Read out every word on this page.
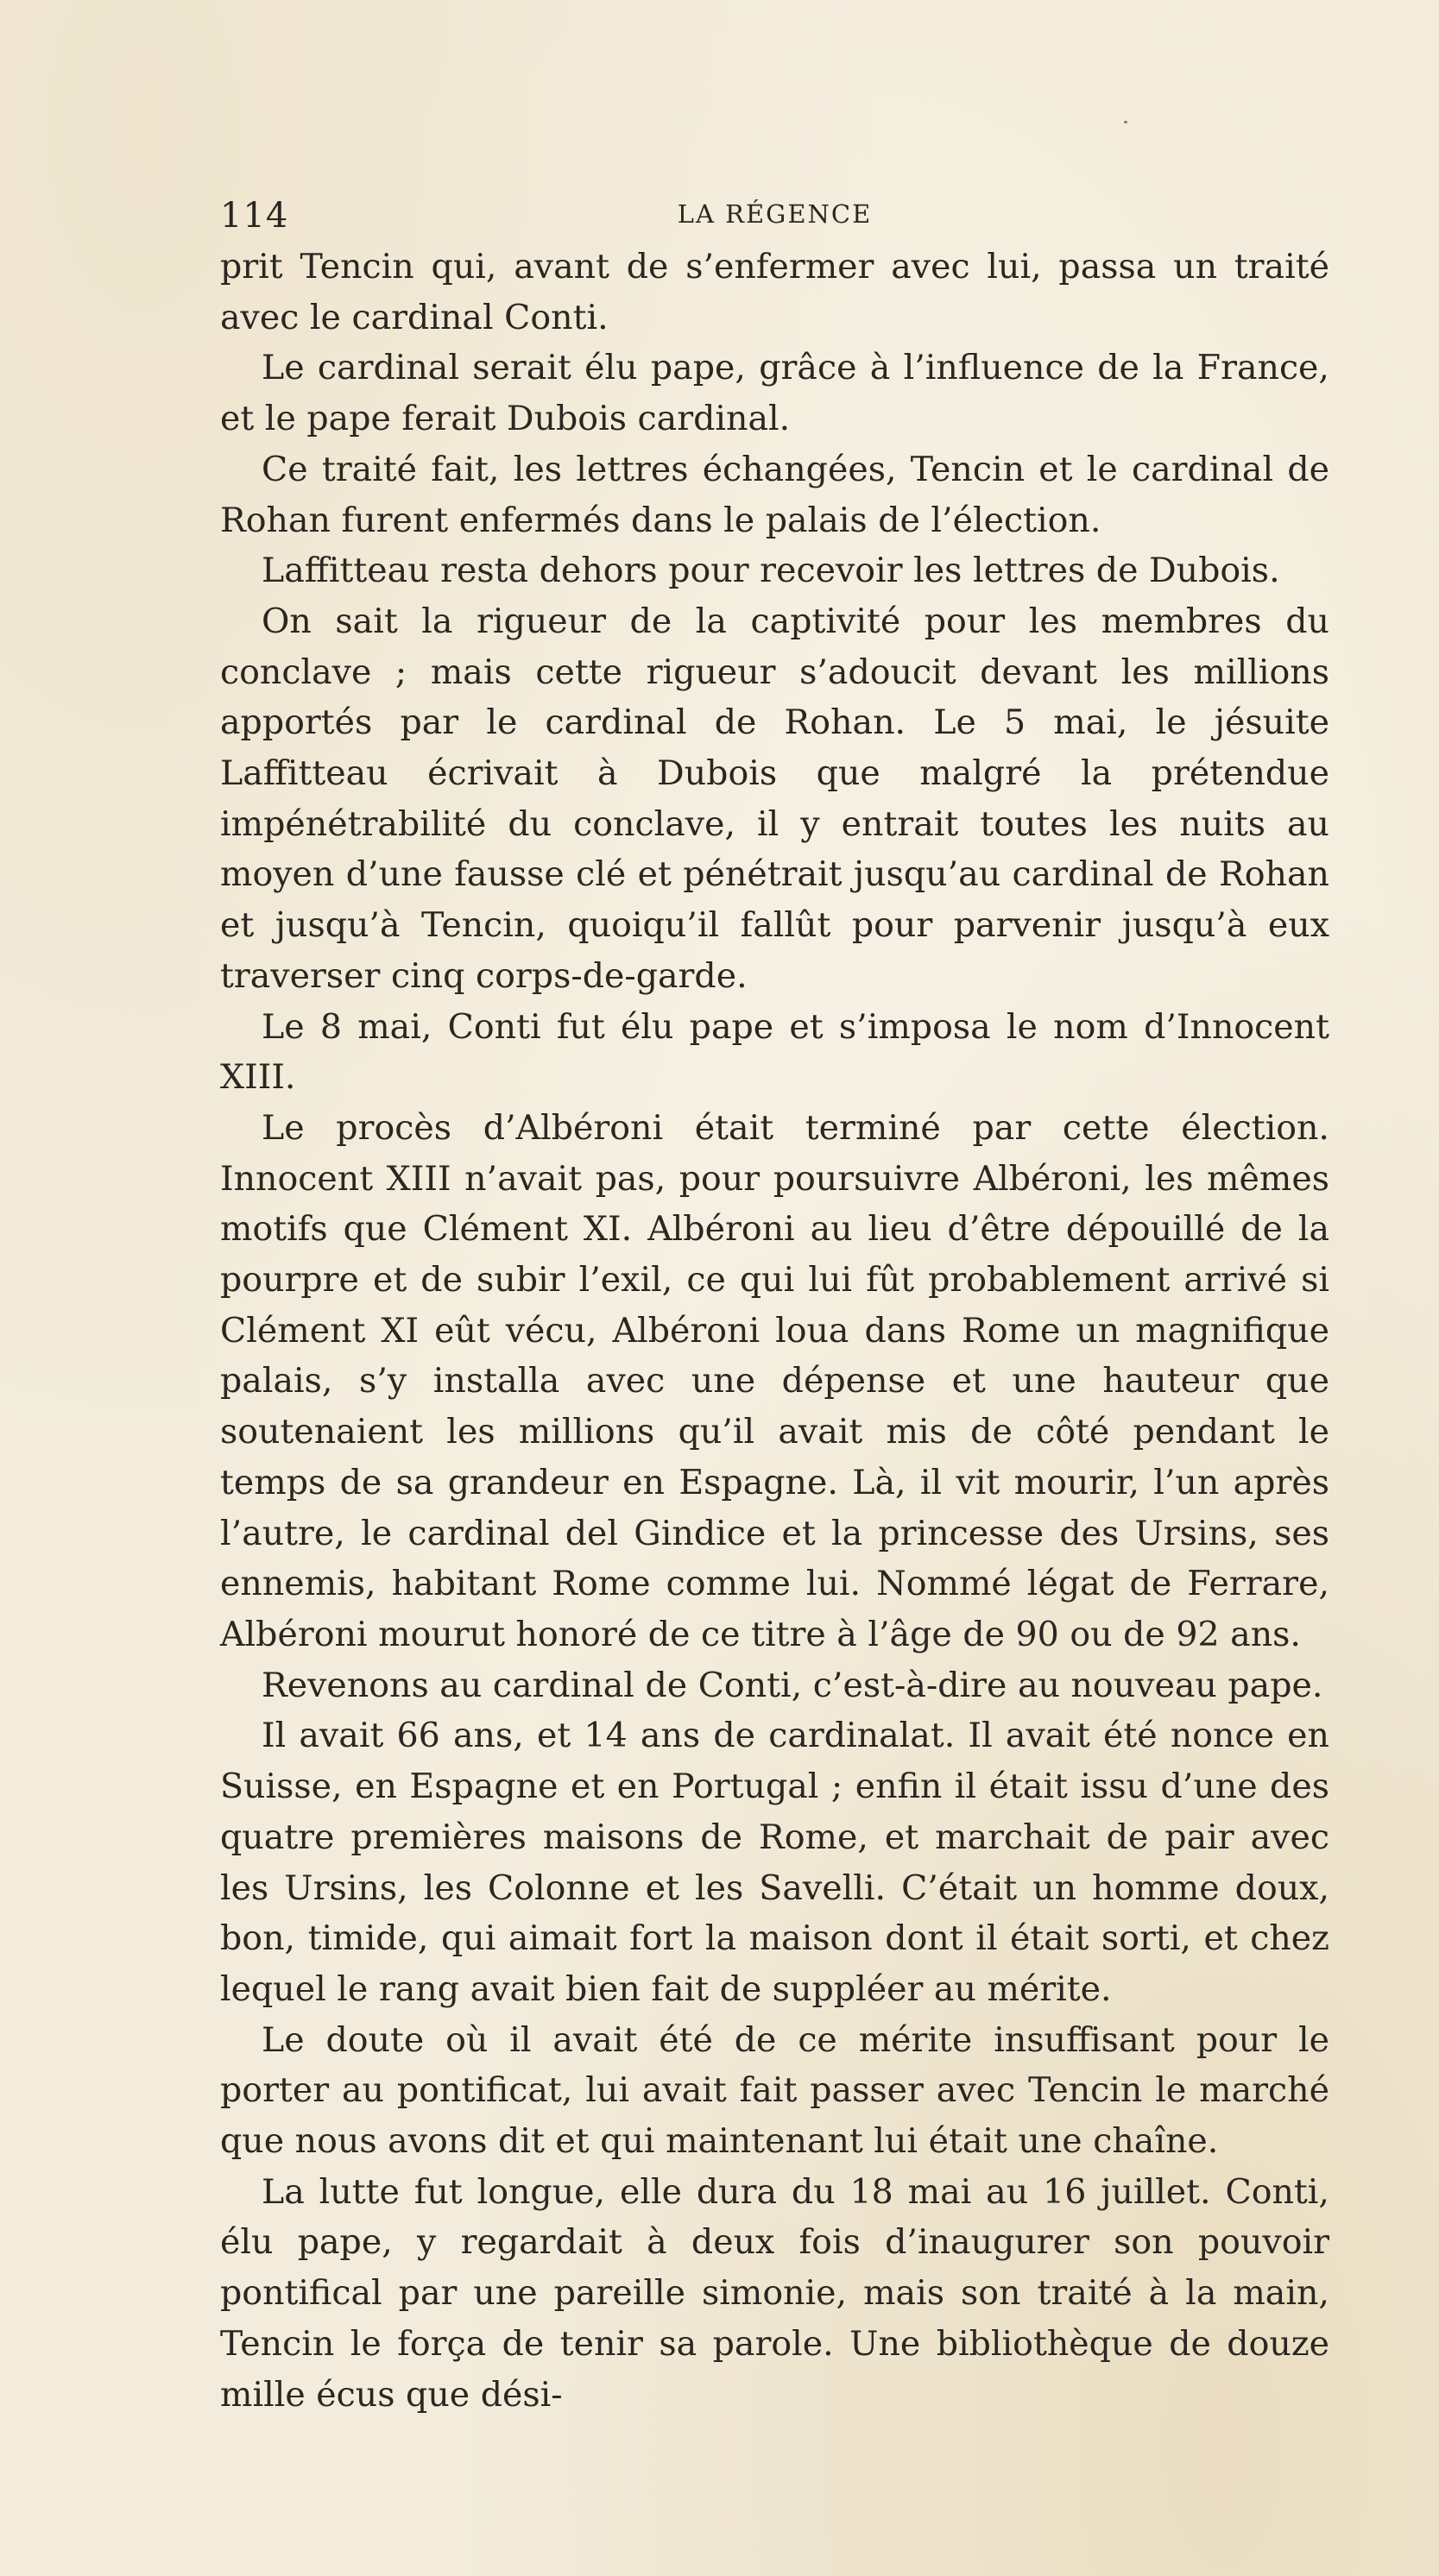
114	LA RÉGENCE

prit Tencin qui, avant de s’enfermer avec lui, passa un traité avec le cardinal Conti.

Le cardinal serait élu pape, grâce à l’influence de la France, et le pape ferait Dubois cardinal.

Ce traité fait, les lettres échangées, Tencin et le cardinal de Rohan furent enfermés dans le palais de l’élection.

Laffitteau resta dehors pour recevoir les lettres de Dubois.

On sait la rigueur de la captivité pour les membres du conclave ; mais cette rigueur s’adoucit devant les millions apportés par le cardinal de Rohan. Le 5 mai, le jésuite Laffitteau écrivait à Dubois que malgré la prétendue impénétrabilité du conclave, il y entrait toutes les nuits au moyen d’une fausse clé et pénétrait jusqu’au cardinal de Rohan et jusqu’à Tencin, quoiqu’il fallût pour parvenir jusqu’à eux traverser cinq corps-de-garde.

Le 8 mai, Conti fut élu pape et s’imposa le nom d’Innocent XIII.

Le procès d’Albéroni était terminé par cette élection. Innocent XIII n’avait pas, pour poursuivre Albéroni, les mêmes motifs que Clément XI. Albéroni au lieu d’être dépouillé de la pourpre et de subir l’exil, ce qui lui fût probablement arrivé si Clément XI eût vécu, Albéroni loua dans Rome un magnifique palais, s’y installa avec une dépense et une hauteur que soutenaient les millions qu’il avait mis de côté pendant le temps de sa grandeur en Espagne. Là, il vit mourir, l’un après l’autre, le cardinal del Gindice et la princesse des Ursins, ses ennemis, habitant Rome comme lui. Nommé légat de Ferrare, Albéroni mourut honoré de ce titre à l’âge de 90 ou de 92 ans.

Revenons au cardinal de Conti, c’est-à-dire au nouveau pape.

Il avait 66 ans, et 14 ans de cardinalat. Il avait été nonce en Suisse, en Espagne et en Portugal ; enfin il était issu d’une des quatre premières maisons de Rome, et marchait de pair avec les Ursins, les Colonne et les Savelli. C’était un homme doux, bon, timide, qui aimait fort la maison dont il était sorti, et chez lequel le rang avait bien fait de suppléer au mérite.

Le doute où il avait été de ce mérite insuffisant pour le porter au pontificat, lui avait fait passer avec Tencin le marché que nous avons dit et qui maintenant lui était une chaîne.

La lutte fut longue, elle dura du 18 mai au 16 juillet. Conti, élu pape, y regardait à deux fois d’inaugurer son pouvoir pontifical par une pareille simonie, mais son traité à la main, Tencin le força de tenir sa parole. Une bibliothèque de douze mille écus que dési-
